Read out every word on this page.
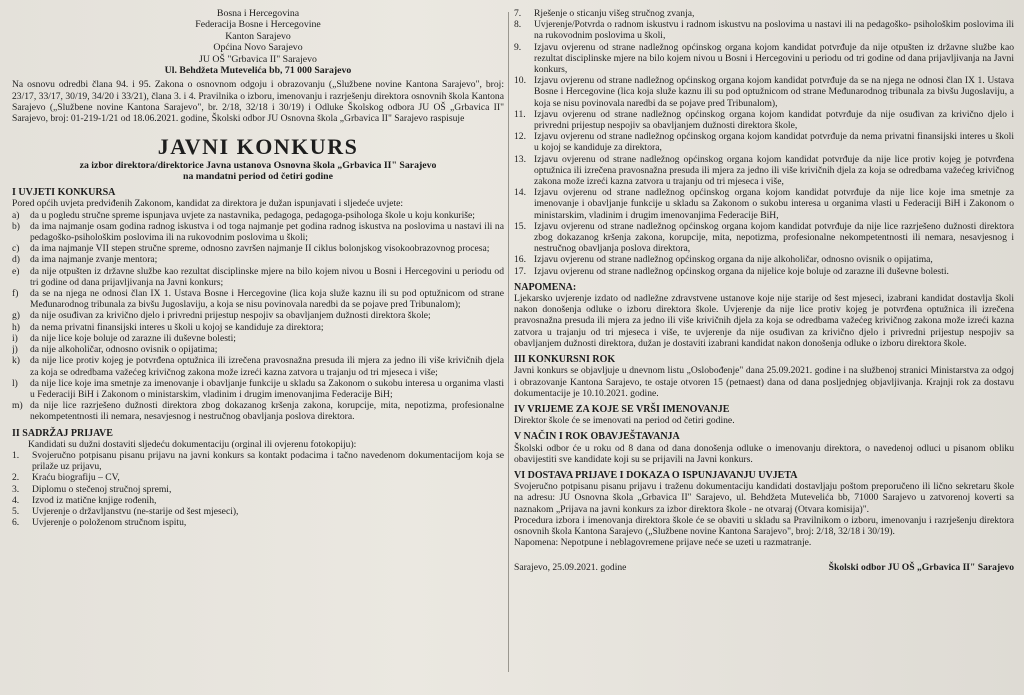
Bosna i Hercegovina
Federacija Bosne i Hercegovine
Kanton Sarajevo
Općina Novo Sarajevo
JU OŠ "Grbavica II" Sarajevo
Ul. Behdžeta Mutevelića bb, 71 000 Sarajevo

Na osnovu odredbi člana 94. i 95. Zakona o osnovnom odgoju i obrazovanju („Službene novine Kantona Sarajevo", broj: 23/17, 33/17, 30/19, 34/20 i 33/21), člana 3. i 4. Pravilnika o izboru, imenovanju i razrješenju direktora osnovnih škola Kantona Sarajevo („Službene novine Kantona Sarajevo", br. 2/18, 32/18 i 30/19) i Odluke Školskog odbora JU OŠ „Grbavica II" Sarajevo, broj: 01-219-1/21 od 18.06.2021. godine, Školski odbor JU Osnovna škola „Grbavica II" Sarajevo raspisuje

JAVNI KONKURS
za izbor direktora/direktorice Javna ustanova Osnovna škola „Grbavica II" Sarajevo
na mandatni period od četiri godine
I UVJETI KONKURSA

Pored općih uvjeta predviđenih Zakonom, kandidat za direktora je dužan ispunjavati i sljedeće uvjete:

a) da u pogledu stručne spreme ispunjava uvjete za nastavnika, pedagoga, pedagoga-psihologa škole u koju konkuriše;
b) da ima najmanje osam godina radnog iskustva i od toga najmanje pet godina radnog iskustva na poslovima u nastavi ili na pedagoško-psihološkim poslovima ili na rukovodnim poslovima u školi;
c) da ima najmanje VII stepen stručne spreme, odnosno završen najmanje II ciklus bolonjskog visokoobrazovnog procesa;
d) da ima najmanje zvanje mentora;
e) da nije otpušten iz državne službe kao rezultat disciplinske mjere na bilo kojem nivou u Bosni i Hercegovini u periodu od tri godine od dana prijavljivanja na Javni konkurs;
f) da se na njega ne odnosi član IX 1. Ustava Bosne i Hercegovine (lica koja služe kaznu ili su pod optužnicom od strane Međunarodnog tribunala za bivšu Jugoslaviju, a koja se nisu povinovala naredbi da se pojave pred Tribunalom);
g) da nije osuđivan za krivično djelo i privredni prijestup nespojiv sa obavljanjem dužnosti direktora škole;
h) da nema privatni finansijski interes u školi u kojoj se kandiduje za direktora;
i) da nije lice koje boluje od zarazne ili duševne bolesti;
j) da nije alkoholičar, odnosno ovisnik o opijatima;
k) da nije lice protiv kojeg je potvrđena optužnica ili izrečena pravosnažna presuda ili mjera za jedno ili više krivičnih djela za koja se odredbama važećeg krivičnog zakona može izreći kazna zatvora u trajanju od tri mjeseca i više;
l) da nije lice koje ima smetnje za imenovanje i obavljanje funkcije u skladu sa Zakonom o sukobu interesa u organima vlasti u Federaciji BiH i Zakonom o ministarskim, vladinim i drugim imenovanjima Federacije BiH;
m) da nije lice razrješeno dužnosti direktora zbog dokazanog kršenja zakona, korupcije, mita, nepotizma, profesionalne nekompetentnosti ili nemara, nesavjesnog i nestručnog obavljanja poslova direktora.
II SADRŽAJ PRIJAVE

Kandidati su dužni dostaviti sljedeću dokumentaciju (orginal ili ovjerenu fotokopiju):

1. Svojeručno potpisanu pisanu prijavu na javni konkurs sa kontakt podacima i tačno navedenom dokumentacijom koja se prilaže uz prijavu,
2. Kraću biografiju – CV,
3. Diplomu o stečenoj stručnoj spremi,
4. Izvod iz matične knjige rođenih,
5. Uvjerenje o državljanstvu (ne-starije od šest mjeseci),
6. Uvjerenje o položenom stručnom ispitu,
7. Rješenje o sticanju višeg stručnog zvanja,
8. Uvjerenje/Potvrda o radnom iskustvu i radnom iskustvu na poslovima u nastavi ili na pedagoško- psihološkim poslovima ili na rukovodnim poslovima u školi,
9. Izjavu ovjerenu od strane nadležnog općinskog organa kojom kandidat potvrđuje da nije otpušten iz državne službe kao rezultat disciplinske mjere na bilo kojem nivou u Bosni i Hercegovini u periodu od tri godine od dana prijavljivanja na Javni konkurs,
10. Izjavu ovjerenu od strane nadležnog općinskog organa kojom kandidat potvrđuje da se na njega ne odnosi član IX 1. Ustava Bosne i Hercegovine (lica koja služe kaznu ili su pod optužnicom od strane Međunarodnog tribunala za bivšu Jugoslaviju, a koja se nisu povinovala naredbi da se pojave pred Tribunalom),
11. Izjavu ovjerenu od strane nadležnog općinskog organa kojom kandidat potvrđuje da nije osuđivan za krivično djelo i privredni prijestup nespojiv sa obavljanjem dužnosti direktora škole,
12. Izjavu ovjerenu od strane nadležnog općinskog organa kojom kandidat potvrđuje da nema privatni finansijski interes u školi u kojoj se kandiduje za direktora,
13. Izjavu ovjerenu od strane nadležnog općinskog organa kojom kandidat potvrđuje da nije lice protiv kojeg je potvrđena optužnica ili izrečena pravosnažna presuda ili mjera za jedno ili više krivičnih djela za koja se odredbama važećeg krivičnog zakona može izreći kazna zatvora u trajanju od tri mjeseca i više,
14. Izjavu ovjerenu od strane nadležnog općinskog organa kojom kandidat potvrđuje da nije lice koje ima smetnje za imenovanje i obavljanje funkcije u skladu sa Zakonom o sukobu interesa u organima vlasti u Federaciji BiH i Zakonom o ministarskim, vladinim i drugim imenovanjima Federacije BiH,
15. Izjavu ovjerenu od strane nadležnog općinskog organa kojom kandidat potvrđuje da nije lice razrješeno dužnosti direktora zbog dokazanog kršenja zakona, korupcije, mita, nepotizma, profesionalne nekompetentnosti ili nemara, nesavjesnog i nestručnog obavljanja poslova direktora,
16. Izjavu ovjerenu od strane nadležnog općinskog organa da nije alkoholičar, odnosno ovisnik o opijatima,
17. Izjavu ovjerenu od strane nadležnog općinskog organa da nijelice koje boluje od zarazne ili duševne bolesti.
NAPOMENA:

Ljekarsko uvjerenje izdato od nadležne zdravstvene ustanove koje nije starije od šest mjeseci, izabrani kandidat dostavlja školi nakon donošenja odluke o izboru direktora škole. Uvjerenje da nije lice protiv kojeg je potvrđena optužnica ili izrečena pravosnažna presuda ili mjera za jedno ili više krivičnih djela za koja se odredbama važećeg krivičnog zakona može izreći kazna zatvora u trajanju od tri mjeseca i više, te uvjerenje da nije osuđivan za krivično djelo i privredni prijestup nespojiv sa obavljanjem dužnosti direktora, dužan je dostaviti izabrani kandidat nakon donošenja odluke o izboru direktora škole.

III KONKURSNI ROK

Javni konkurs se objavljuje u dnevnom listu „Oslobođenje" dana 25.09.2021. godine i na službenoj stranici Ministarstva za odgoj i obrazovanje Kantona Sarajevo, te ostaje otvoren 15 (petnaest) dana od dana posljednjeg objavljivanja. Krajnji rok za dostavu dokumentacije je 10.10.2021. godine.

IV VRIJEME ZA KOJE SE VRŠI IMENOVANJE

Direktor škole će se imenovati na period od četiri godine.

V NAČIN I ROK OBAVJEŠTAVANJA

Školski odbor će u roku od 8 dana od dana donošenja odluke o imenovanju direktora, o navedenoj odluci u pisanom obliku obavijestiti sve kandidate koji su se prijavili na Javni konkurs.

VI DOSTAVA PRIJAVE I DOKAZA O ISPUNJAVANJU UVJETA

Svojeručno potpisanu pisanu prijavu i traženu dokumentaciju kandidati dostavljaju poštom preporučeno ili lično sekretaru škole na adresu: JU Osnovna škola „Grbavica II" Sarajevo, ul. Behdžeta Mutevelića bb, 71000 Sarajevo u zatvorenoj koverti sa naznakom „Prijava na javni konkurs za izbor direktora škole - ne otvaraj (Otvara komisija)".

Procedura izbora i imenovanja direktora škole će se obaviti u skladu sa Pravilnikom o izboru, imenovanju i razrješenju direktora osnovnih škola Kantona Sarajevo („Službene novine Kantona Sarajevo", broj: 2/18, 32/18 i 30/19).

Napomena: Nepotpune i neblagovremene prijave neće se uzeti u razmatranje.

Sarajevo, 25.09.2021. godine	Školski odbor JU OŠ „Grbavica II" Sarajevo
